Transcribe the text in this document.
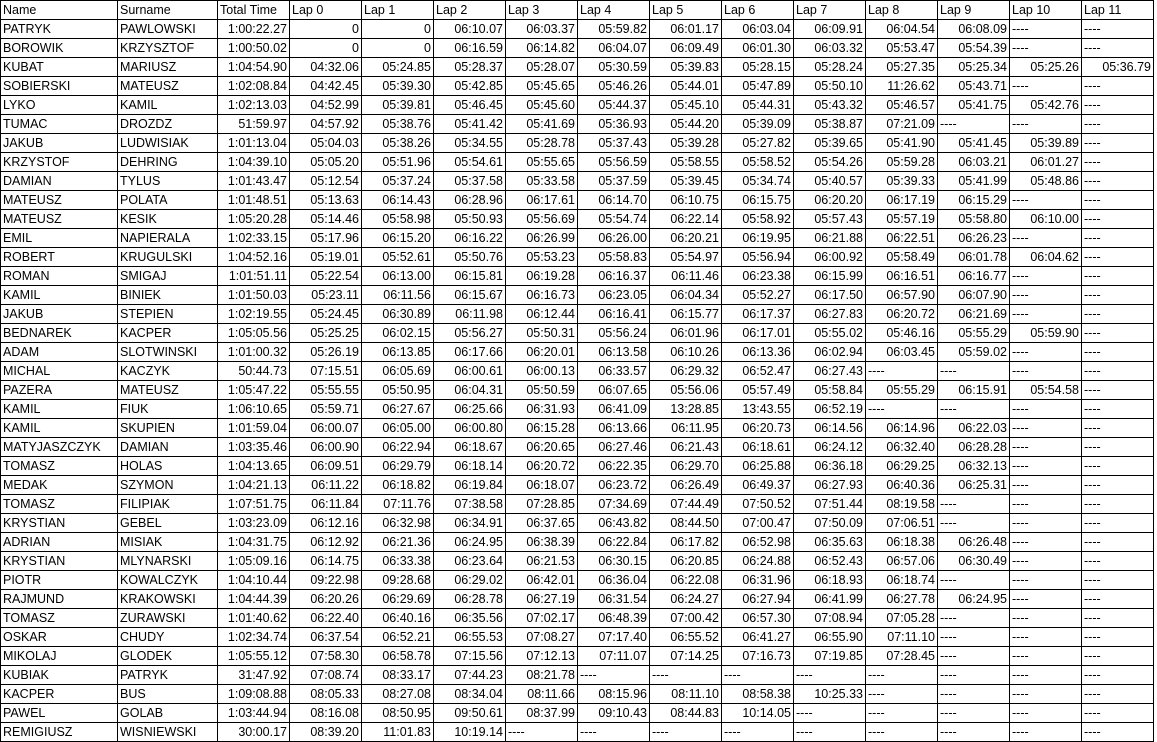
Name	Surname	Total Time	Lap 0	Lap 1	Lap 2	Lap 3	Lap 4	Lap 5	Lap 6	Lap 7	Lap 8	Lap 9	Lap 10	Lap 11
PATRYK	PAWLOWSKI	1:00:22.27	0	0	06:10.07	06:03.37	05:59.82	06:01.17	06:03.04	06:09.91	06:04.54	06:08.09	----	----
BOROWIK	KRZYSZTOF	1:00:50.02	0	0	06:16.59	06:14.82	06:04.07	06:09.49	06:01.30	06:03.32	05:53.47	05:54.39	----	----
KUBAT	MARIUSZ	1:04:54.90	04:32.06	05:24.85	05:28.37	05:28.07	05:30.59	05:39.83	05:28.15	05:28.24	05:27.35	05:25.34	05:25.26	05:36.79
SOBIERSKI	MATEUSZ	1:02:08.84	04:42.45	05:39.30	05:42.85	05:45.65	05:46.26	05:44.01	05:47.89	05:50.10	11:26.62	05:43.71	----	----
LYKO	KAMIL	1:02:13.03	04:52.99	05:39.81	05:46.45	05:45.60	05:44.37	05:45.10	05:44.31	05:43.32	05:46.57	05:41.75	05:42.76	----
TUMAC	DROZDZ	51:59.97	04:57.92	05:38.76	05:41.42	05:41.69	05:36.93	05:44.20	05:39.09	05:38.87	07:21.09	----	----	----
JAKUB	LUDWISIAK	1:01:13.04	05:04.03	05:38.26	05:34.55	05:28.78	05:37.43	05:39.28	05:27.82	05:39.65	05:41.90	05:41.45	05:39.89	----
KRZYSTOF	DEHRING	1:04:39.10	05:05.20	05:51.96	05:54.61	05:55.65	05:56.59	05:58.55	05:58.52	05:54.26	05:59.28	06:03.21	06:01.27	----
DAMIAN	TYLUS	1:01:43.47	05:12.54	05:37.24	05:37.58	05:33.58	05:37.59	05:39.45	05:34.74	05:40.57	05:39.33	05:41.99	05:48.86	----
MATEUSZ	POLATA	1:01:48.51	05:13.63	06:14.43	06:28.96	06:17.61	06:14.70	06:10.75	06:15.75	06:20.20	06:17.19	06:15.29	----	----
MATEUSZ	KESIK	1:05:20.28	05:14.46	05:58.98	05:50.93	05:56.69	05:54.74	06:22.14	05:58.92	05:57.43	05:57.19	05:58.80	06:10.00	----
EMIL	NAPIERALA	1:02:33.15	05:17.96	06:15.20	06:16.22	06:26.99	06:26.00	06:20.21	06:19.95	06:21.88	06:22.51	06:26.23	----	----
ROBERT	KRUGULSKI	1:04:52.16	05:19.01	05:52.61	05:50.76	05:53.23	05:58.83	05:54.97	05:56.94	06:00.92	05:58.49	06:01.78	06:04.62	----
ROMAN	SMIGAJ	1:01:51.11	05:22.54	06:13.00	06:15.81	06:19.28	06:16.37	06:11.46	06:23.38	06:15.99	06:16.51	06:16.77	----	----
KAMIL	BINIEK	1:01:50.03	05:23.11	06:11.56	06:15.67	06:16.73	06:23.05	06:04.34	05:52.27	06:17.50	06:57.90	06:07.90	----	----
JAKUB	STEPIEN	1:02:19.55	05:24.45	06:30.89	06:11.98	06:12.44	06:16.41	06:15.77	06:17.37	06:27.83	06:20.72	06:21.69	----	----
BEDNAREK	KACPER	1:05:05.56	05:25.25	06:02.15	05:56.27	05:50.31	05:56.24	06:01.96	06:17.01	05:55.02	05:46.16	05:55.29	05:59.90	----
ADAM	SLOTWINSKI	1:01:00.32	05:26.19	06:13.85	06:17.66	06:20.01	06:13.58	06:10.26	06:13.36	06:02.94	06:03.45	05:59.02	----	----
MICHAL	KACZYK	50:44.73	07:15.51	06:05.69	06:00.61	06:00.13	06:33.57	06:29.32	06:52.47	06:27.43	----	----	----	----
PAZERA	MATEUSZ	1:05:47.22	05:55.55	05:50.95	06:04.31	05:50.59	06:07.65	05:56.06	05:57.49	05:58.84	05:55.29	06:15.91	05:54.58	----
KAMIL	FIUK	1:06:10.65	05:59.71	06:27.67	06:25.66	06:31.93	06:41.09	13:28.85	13:43.55	06:52.19	----	----	----	----
KAMIL	SKUPIEN	1:01:59.04	06:00.07	06:05.00	06:00.80	06:15.28	06:13.66	06:11.95	06:20.73	06:14.56	06:14.96	06:22.03	----	----
MATYJASZCZYK	DAMIAN	1:03:35.46	06:00.90	06:22.94	06:18.67	06:20.65	06:27.46	06:21.43	06:18.61	06:24.12	06:32.40	06:28.28	----	----
TOMASZ	HOLAS	1:04:13.65	06:09.51	06:29.79	06:18.14	06:20.72	06:22.35	06:29.70	06:25.88	06:36.18	06:29.25	06:32.13	----	----
MEDAK	SZYMON	1:04:21.13	06:11.22	06:18.82	06:19.84	06:18.07	06:23.72	06:26.49	06:49.37	06:27.93	06:40.36	06:25.31	----	----
TOMASZ	FILIPIAK	1:07:51.75	06:11.84	07:11.76	07:38.58	07:28.85	07:34.69	07:44.49	07:50.52	07:51.44	08:19.58	----	----	----
KRYSTIAN	GEBEL	1:03:23.09	06:12.16	06:32.98	06:34.91	06:37.65	06:43.82	08:44.50	07:00.47	07:50.09	07:06.51	----	----	----
ADRIAN	MISIAK	1:04:31.75	06:12.92	06:21.36	06:24.95	06:38.39	06:22.84	06:17.82	06:52.98	06:35.63	06:18.38	06:26.48	----	----
KRYSTIAN	MLYNARSKI	1:05:09.16	06:14.75	06:33.38	06:23.64	06:21.53	06:30.15	06:20.85	06:24.88	06:52.43	06:57.06	06:30.49	----	----
PIOTR	KOWALCZYK	1:04:10.44	09:22.98	09:28.68	06:29.02	06:42.01	06:36.04	06:22.08	06:31.96	06:18.93	06:18.74	----	----	----
RAJMUND	KRAKOWSKI	1:04:44.39	06:20.26	06:29.69	06:28.78	06:27.19	06:31.54	06:24.27	06:27.94	06:41.99	06:27.78	06:24.95	----	----
TOMASZ	ZURAWSKI	1:01:40.62	06:22.40	06:40.16	06:35.56	07:02.17	06:48.39	07:00.42	06:57.30	07:08.94	07:05.28	----	----	----
OSKAR	CHUDY	1:02:34.74	06:37.54	06:52.21	06:55.53	07:08.27	07:17.40	06:55.52	06:41.27	06:55.90	07:11.10	----	----	----
MIKOLAJ	GLODEK	1:05:55.12	07:58.30	06:58.78	07:15.56	07:12.13	07:11.07	07:14.25	07:16.73	07:19.85	07:28.45	----	----	----
KUBIAK	PATRYK	31:47.92	07:08.74	08:33.17	07:44.23	08:21.78	----	----	----	----	----	----	----	----
KACPER	BUS	1:09:08.88	08:05.33	08:27.08	08:34.04	08:11.66	08:15.96	08:11.10	08:58.38	10:25.33	----	----	----	----
PAWEL	GOLAB	1:03:44.94	08:16.08	08:50.95	09:50.61	08:37.99	09:10.43	08:44.83	10:14.05	----	----	----	----	----
REMIGIUSZ	WISNIEWSKI	30:00.17	08:39.20	11:01.83	10:19.14	----	----	----	----	----	----	----	----	----
